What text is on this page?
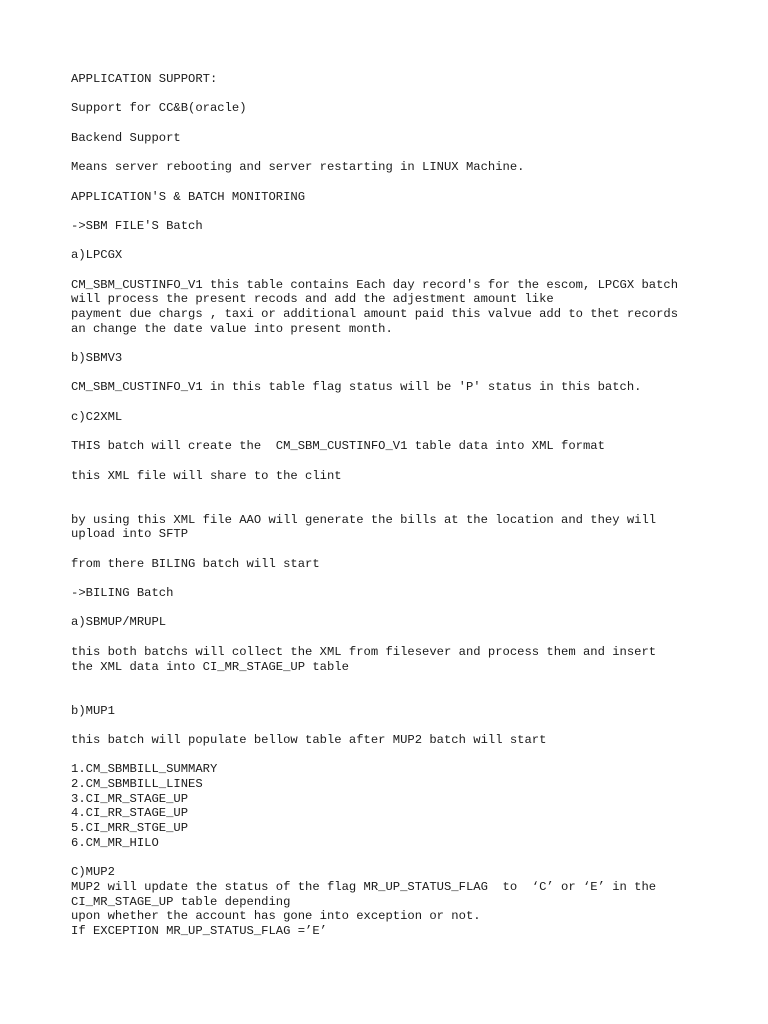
APPLICATION SUPPORT:
Support for CC&B(oracle)
Backend Support
Means server rebooting and server restarting in LINUX Machine.
APPLICATION'S & BATCH MONITORING
->SBM FILE'S Batch
a)LPCGX
CM_SBM_CUSTINFO_V1 this table contains Each day record's for the escom, LPCGX batch
will process the present recods and add the adjestment amount like
payment due chargs , taxi or additional amount paid this valvue add to thet records
an change the date value into present month.
b)SBMV3
CM_SBM_CUSTINFO_V1 in this table flag status will be 'P' status in this batch.
c)C2XML
THIS batch will create the  CM_SBM_CUSTINFO_V1 table data into XML format
this XML file will share to the clint
by using this XML file AAO will generate the bills at the location and they will
upload into SFTP
from there BILING batch will start
->BILING Batch
a)SBMUP/MRUPL
this both batchs will collect the XML from filesever and process them and insert
the XML data into CI_MR_STAGE_UP table
b)MUP1
this batch will populate bellow table after MUP2 batch will start
1.CM_SBMBILL_SUMMARY
2.CM_SBMBILL_LINES
3.CI_MR_STAGE_UP
4.CI_RR_STAGE_UP
5.CI_MRR_STGE_UP
6.CM_MR_HILO
C)MUP2
MUP2 will update the status of the flag MR_UP_STATUS_FLAG  to  ‘C’ or ‘E’ in the
CI_MR_STAGE_UP table depending
upon whether the account has gone into exception or not.
If EXCEPTION MR_UP_STATUS_FLAG =’E’
